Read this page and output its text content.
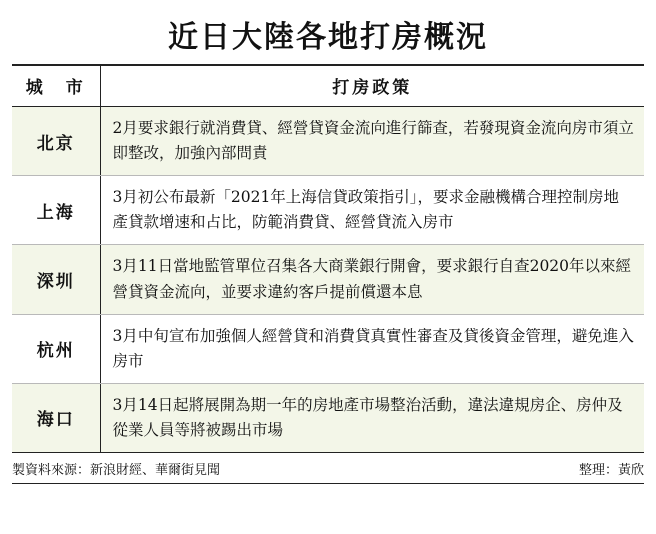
近日大陸各地打房概況
城　市	打房政策
北京	2月要求銀行就消費貸、經營貸資金流向進行篩查，若發現資金流向房市須立即整改，加強內部問責
上海	3月初公布最新「2021年上海信貸政策指引」，要求金融機構合理控制房地產貸款增速和占比，防範消費貸、經營貸流入房市
深圳	3月11日當地監管單位召集各大商業銀行開會，要求銀行自查2020年以來經營貸資金流向，並要求違約客戶提前償還本息
杭州	3月中旬宣布加強個人經營貸和消費貸真實性審查及貸後資金管理，避免進入房市
海口	3月14日起將展開為期一年的房地產市場整治活動，違法違規房企、房仲及從業人員等將被踢出市場
製資料來源：新浪財經、華爾街見聞	整理：黃欣
